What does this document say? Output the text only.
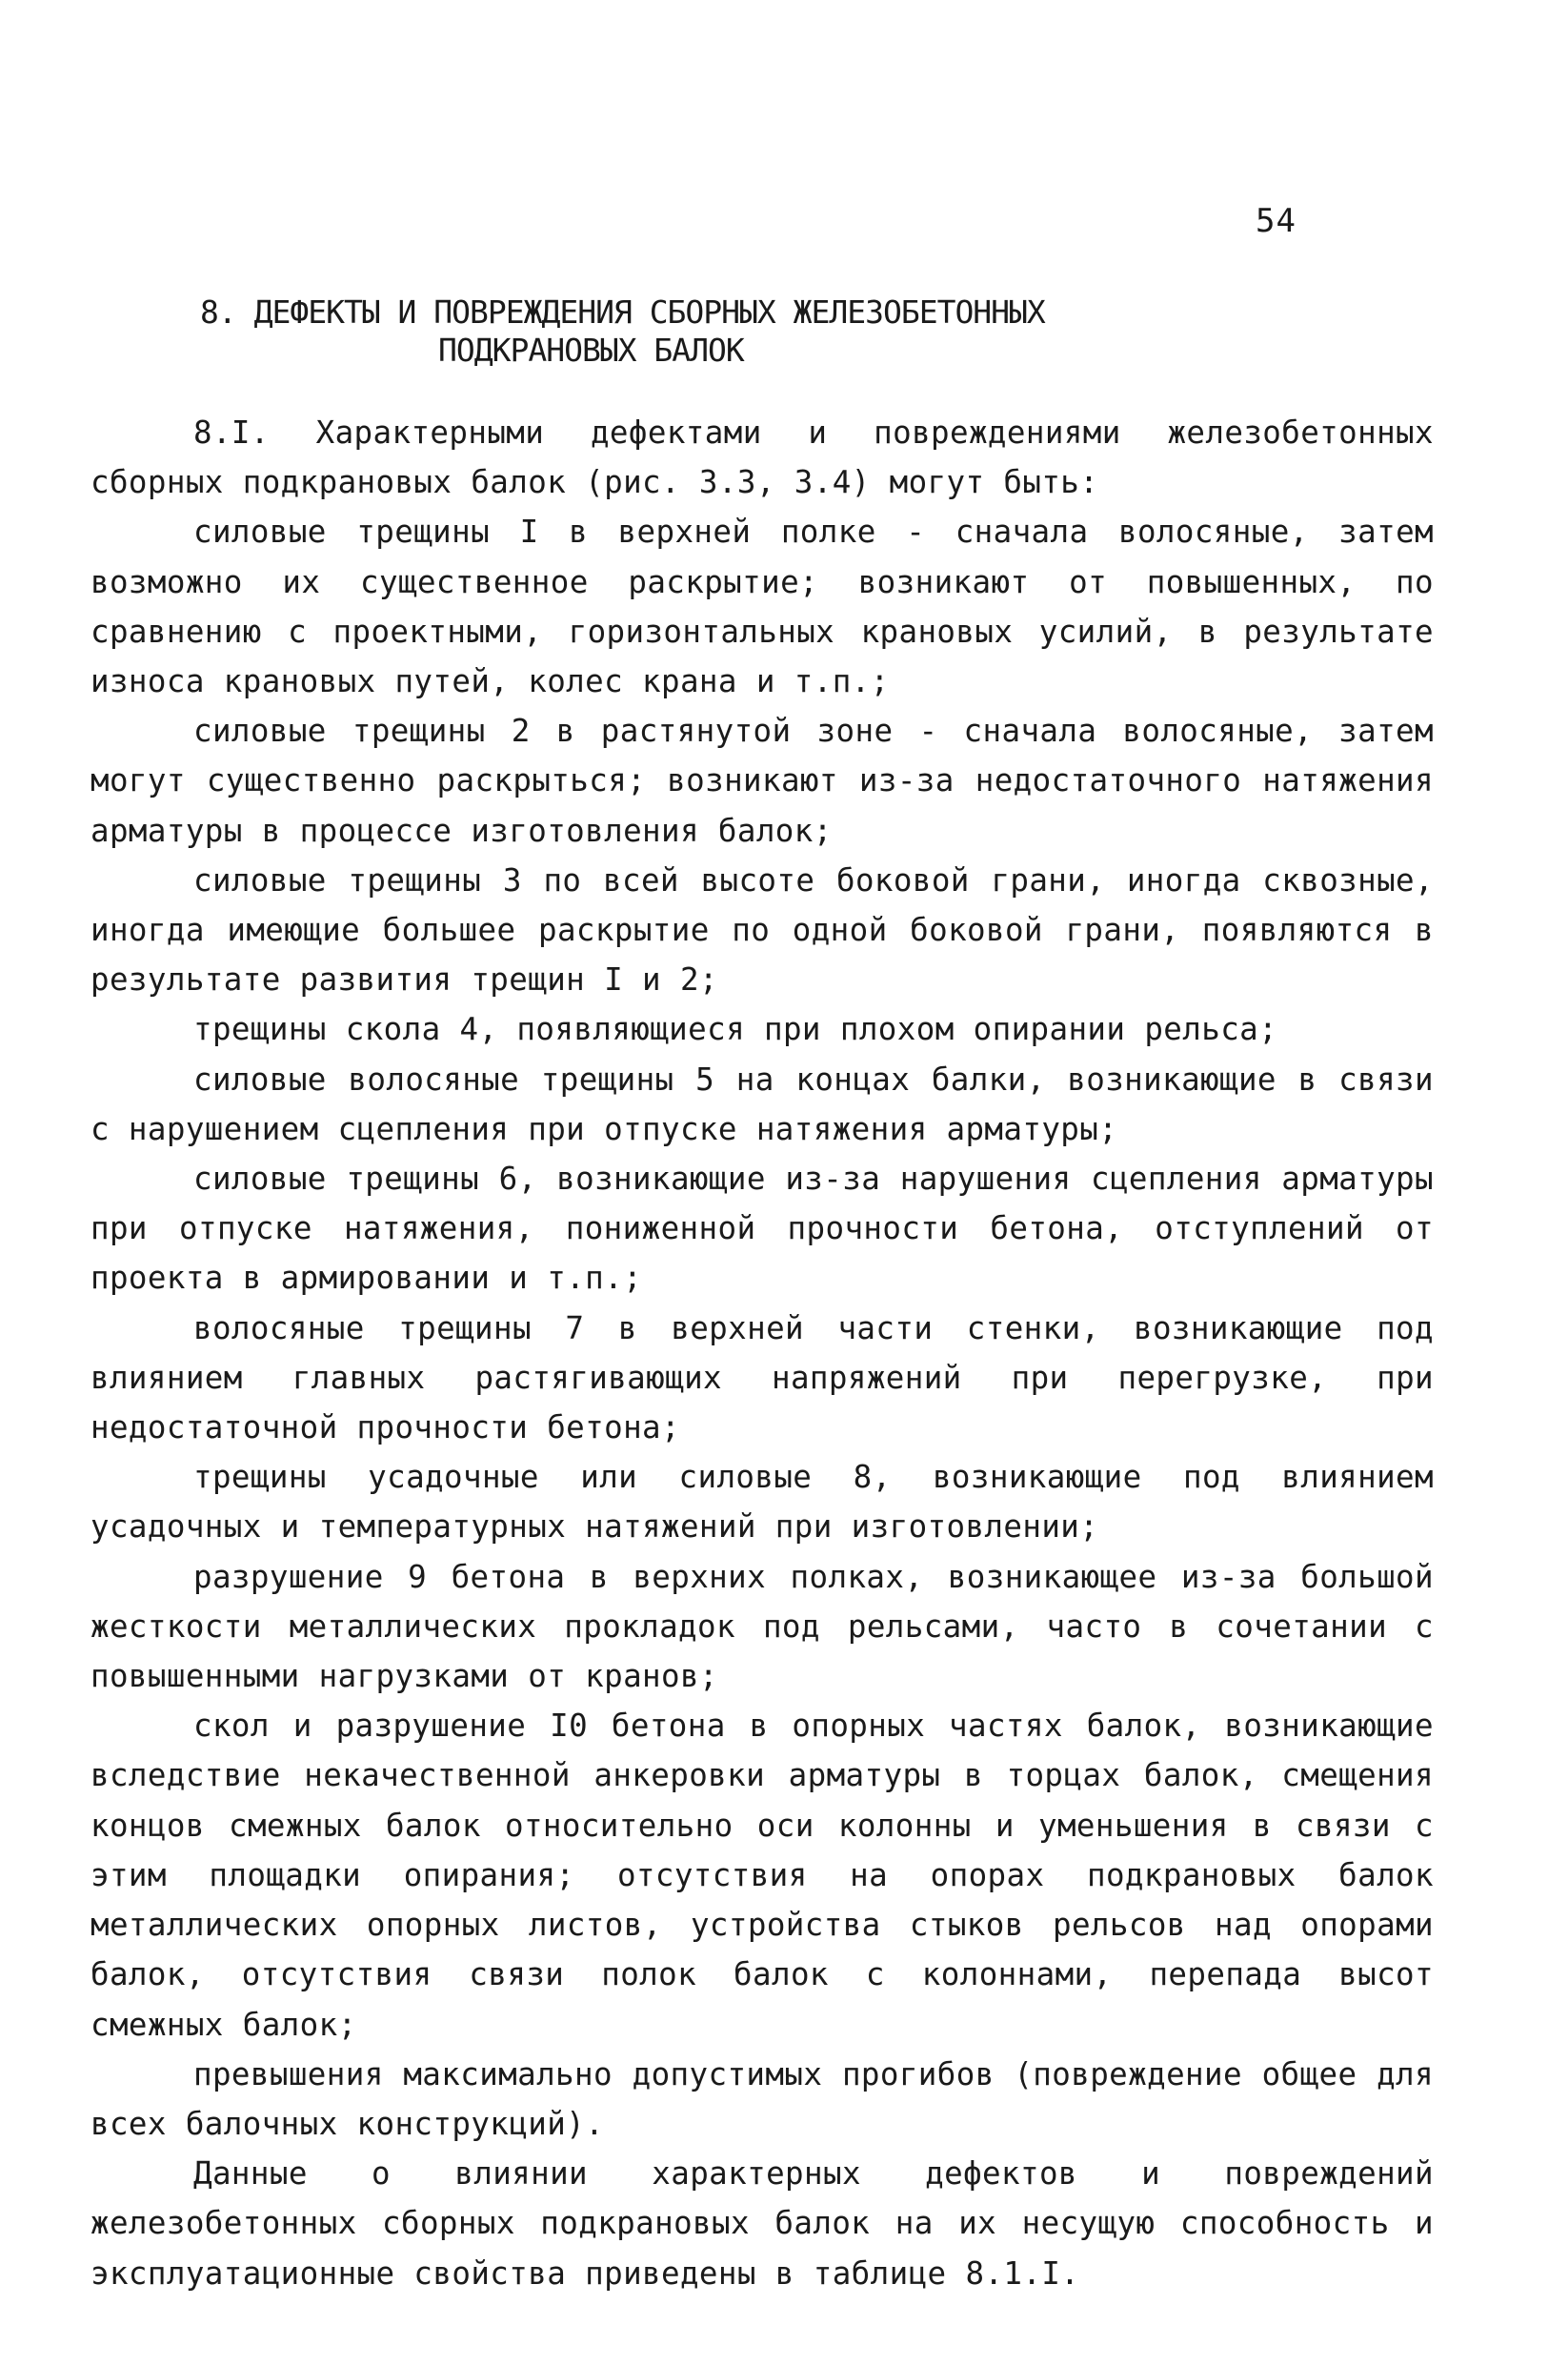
54
8. ДЕФЕКТЫ И ПОВРЕЖДЕНИЯ СБОРНЫХ ЖЕЛЕЗОБЕТОННЫХ
ПОДКРАНОВЫХ БАЛОК

8.I. Характерными дефектами и повреждениями железобетонных сборных подкрановых балок (рис. 3.3, 3.4) могут быть:

силовые трещины I в верхней полке - сначала волосяные, затем возможно их существенное раскрытие; возникают от повышенных, по сравнению с проектными, горизонтальных крановых усилий, в результате износа крановых путей, колес крана и т.п.;

силовые трещины 2 в растянутой зоне - сначала волосяные, затем могут существенно раскрыться; возникают из-за недостаточного натяжения арматуры в процессе изготовления балок;

силовые трещины 3 по всей высоте боковой грани, иногда сквозные, иногда имеющие большее раскрытие по одной боковой грани, появляются в результате развития трещин I и 2;

трещины скола 4, появляющиеся при плохом опирании рельса;

силовые волосяные трещины 5 на концах балки, возникающие в связи с нарушением сцепления при отпуске натяжения арматуры;

силовые трещины 6, возникающие из-за нарушения сцепления арматуры при отпуске натяжения, пониженной прочности бетона, отступлений от проекта в армировании и т.п.;

волосяные трещины 7 в верхней части стенки, возникающие под влиянием главных растягивающих напряжений при перегрузке, при недостаточной прочности бетона;

трещины усадочные или силовые 8, возникающие под влиянием усадочных и температурных натяжений при изготовлении;

разрушение 9 бетона в верхних полках, возникающее из-за большой жесткости металлических прокладок под рельсами, часто в сочетании с повышенными нагрузками от кранов;

скол и разрушение I0 бетона в опорных частях балок, возникающие вследствие некачественной анкеровки арматуры в торцах балок, смещения концов смежных балок относительно оси колонны и уменьшения в связи с этим площадки опирания; отсутствия на опорах подкрановых балок металлических опорных листов, устройства стыков рельсов над опорами балок, отсутствия связи полок балок с колоннами, перепада высот смежных балок;

превышения максимально допустимых прогибов (повреждение общее для всех балочных конструкций).

Данные о влиянии характерных дефектов и повреждений железобетонных сборных подкрановых балок на их несущую способность и эксплуатационные свойства приведены в таблице 8.1.I.
